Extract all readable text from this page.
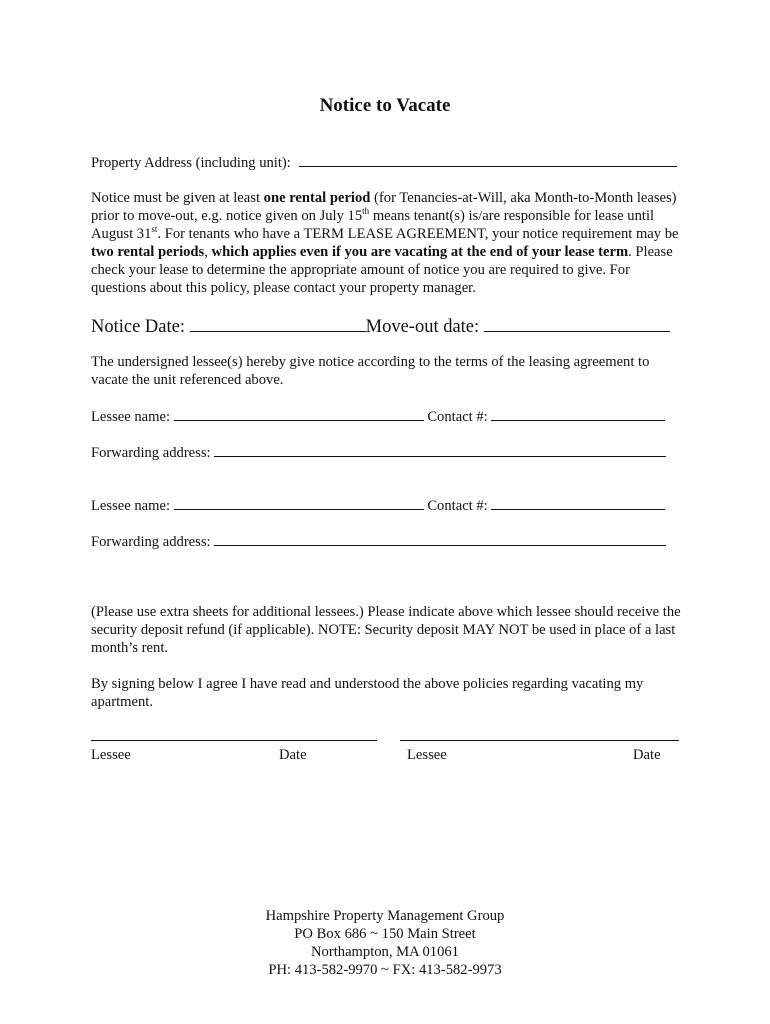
Notice to Vacate
Property Address (including unit):
Notice must be given at least one rental period (for Tenancies-at-Will, aka Month-to-Month leases) prior to move-out, e.g. notice given on July 15th means tenant(s) is/are responsible for lease until August 31st. For tenants who have a TERM LEASE AGREEMENT, your notice requirement may be two rental periods, which applies even if you are vacating at the end of your lease term. Please check your lease to determine the appropriate amount of notice you are required to give. For questions about this policy, please contact your property manager.
Notice Date:	Move-out date:
The undersigned lessee(s) hereby give notice according to the terms of the leasing agreement to vacate the unit referenced above.
Lessee name:	Contact #:
Forwarding address:
Lessee name:	Contact #:
Forwarding address:
(Please use extra sheets for additional lessees.) Please indicate above which lessee should receive the security deposit refund (if applicable). NOTE: Security deposit MAY NOT be used in place of a last month’s rent.
By signing below I agree I have read and understood the above policies regarding vacating my apartment.
Lessee	Date	Lessee	Date
Hampshire Property Management Group
PO Box 686 ~ 150 Main Street
Northampton, MA 01061
PH: 413-582-9970 ~ FX: 413-582-9973
